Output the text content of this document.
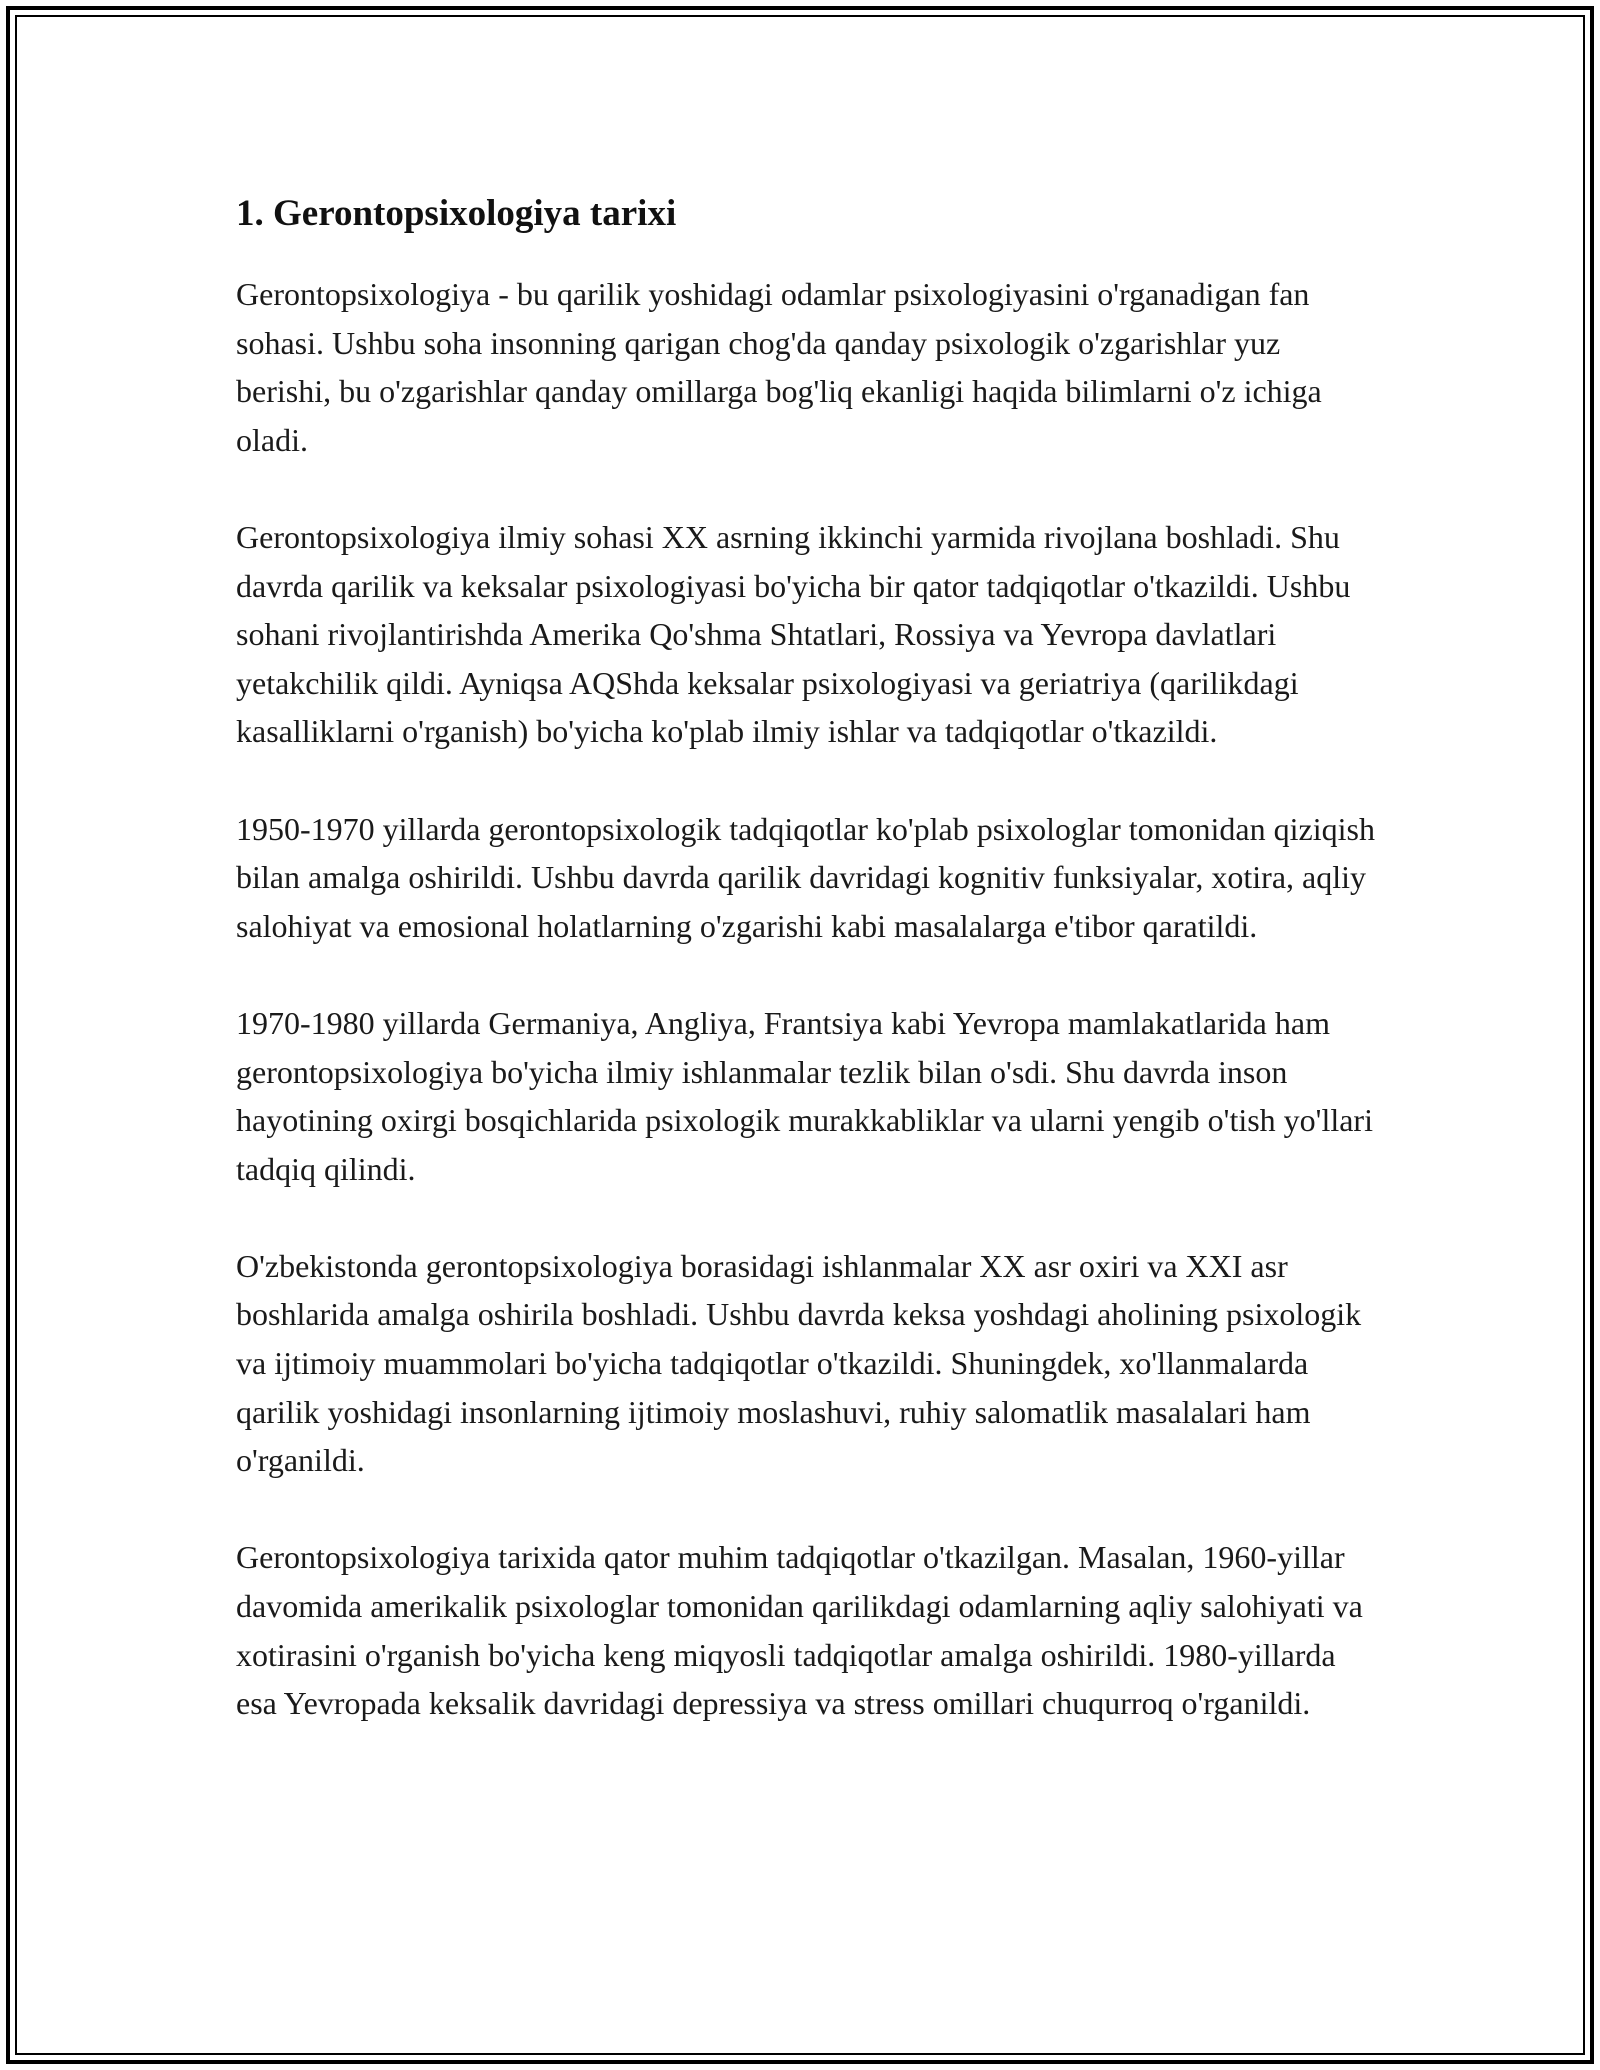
1. Gerontopsixologiya tarixi

Gerontopsixologiya - bu qarilik yoshidagi odamlar psixologiyasini o'rganadigan fan sohasi. Ushbu soha insonning qarigan chog'da qanday psixologik o'zgarishlar yuz berishi, bu o'zgarishlar qanday omillarga bog'liq ekanligi haqida bilimlarni o'z ichiga oladi.

Gerontopsixologiya ilmiy sohasi XX asrning ikkinchi yarmida rivojlana boshladi. Shu davrda qarilik va keksalar psixologiyasi bo'yicha bir qator tadqiqotlar o'tkazildi. Ushbu sohani rivojlantirishda Amerika Qo'shma Shtatlari, Rossiya va Yevropa davlatlari yetakchilik qildi. Ayniqsa AQShda keksalar psixologiyasi va geriatriya (qarilikdagi kasalliklarni o'rganish) bo'yicha ko'plab ilmiy ishlar va tadqiqotlar o'tkazildi.

1950-1970 yillarda gerontopsixologik tadqiqotlar ko'plab psixologlar tomonidan qiziqish bilan amalga oshirildi. Ushbu davrda qarilik davridagi kognitiv funksiyalar, xotira, aqliy salohiyat va emosional holatlarning o'zgarishi kabi masalalarga e'tibor qaratildi.

1970-1980 yillarda Germaniya, Angliya, Frantsiya kabi Yevropa mamlakatlarida ham gerontopsixologiya bo'yicha ilmiy ishlanmalar tezlik bilan o'sdi. Shu davrda inson hayotining oxirgi bosqichlarida psixologik murakkabliklar va ularni yengib o'tish yo'llari tadqiq qilindi.

O'zbekistonda gerontopsixologiya borasidagi ishlanmalar XX asr oxiri va XXI asr boshlarida amalga oshirila boshladi. Ushbu davrda keksa yoshdagi aholining psixologik va ijtimoiy muammolari bo'yicha tadqiqotlar o'tkazildi. Shuningdek, xo'llanmalarda qarilik yoshidagi insonlarning ijtimoiy moslashuvi, ruhiy salomatlik masalalari ham o'rganildi.

Gerontopsixologiya tarixida qator muhim tadqiqotlar o'tkazilgan. Masalan, 1960-yillar davomida amerikalik psixologlar tomonidan qarilikdagi odamlarning aqliy salohiyati va xotirasini o'rganish bo'yicha keng miqyosli tadqiqotlar amalga oshirildi. 1980-yillarda esa Yevropada keksalik davridagi depressiya va stress omillari chuqurroq o'rganildi.
